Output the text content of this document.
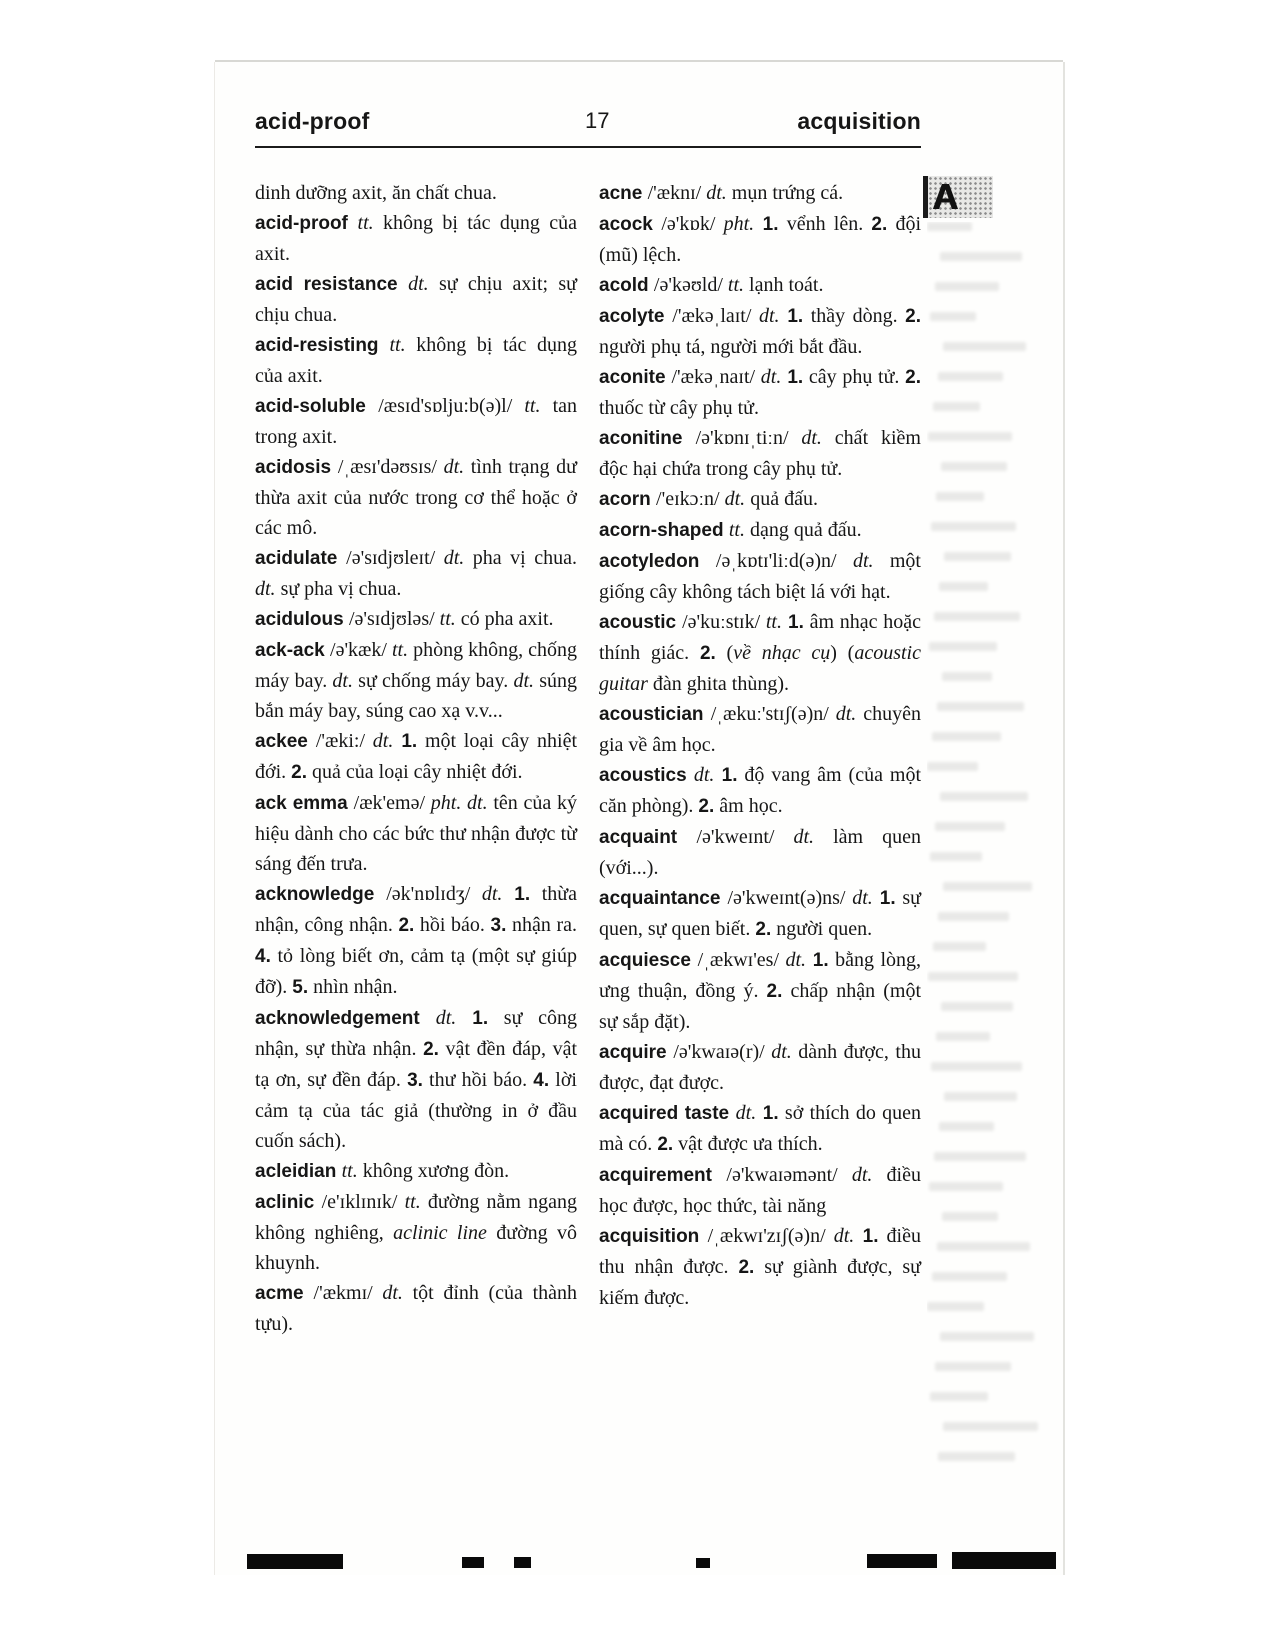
acid-proof	17	acquisition
A

dinh dưỡng axit, ăn chất chua.

acid-proof tt. không bị tác dụng của axit.

acid resistance dt. sự chịu axit; sự chịu chua.

acid-resisting tt. không bị tác dụng của axit.

acid-soluble /æsɪd'sɒlju:b(ə)l/ tt. tan trong axit.

acidosis /ˌæsɪ'dəʊsɪs/ dt. tình trạng dư thừa axit của nước trong cơ thể hoặc ở các mô.

acidulate /ə'sɪdjʊleɪt/ dt. pha vị chua. dt. sự pha vị chua.

acidulous /ə'sɪdjʊləs/ tt. có pha axit.

ack-ack /ə'kæk/ tt. phòng không, chống máy bay. dt. sự chống máy bay. dt. súng bắn máy bay, súng cao xạ v.v...

ackee /'æki:/ dt. 1. một loại cây nhiệt đới. 2. quả của loại cây nhiệt đới.

ack emma /æk'emə/ pht. dt. tên của ký hiệu dành cho các bức thư nhận được từ sáng đến trưa.

acknowledge /ək'nɒlɪdʒ/ dt. 1. thừa nhận, công nhận. 2. hồi báo. 3. nhận ra. 4. tỏ lòng biết ơn, cảm tạ (một sự giúp đỡ). 5. nhìn nhận.

acknowledgement dt. 1. sự công nhận, sự thừa nhận. 2. vật đền đáp, vật tạ ơn, sự đền đáp. 3. thư hồi báo. 4. lời cảm tạ của tác giả (thường in ở đầu cuốn sách).

acleidian tt. không xương đòn.

aclinic /e'ɪklɪnɪk/ tt. đường nằm ngang không nghiêng, aclinic line đường vô khuynh.

acme /'ækmɪ/ dt. tột đỉnh (của thành tựu).

acne /'æknɪ/ dt. mụn trứng cá.

acock /ə'kɒk/ pht. 1. vểnh lên. 2. đội (mũ) lệch.

acold /ə'kəʊld/ tt. lạnh toát.

acolyte /'ækəˌlaɪt/ dt. 1. thầy dòng. 2. người phụ tá, người mới bắt đầu.

aconite /'ækəˌnaɪt/ dt. 1. cây phụ tử. 2. thuốc từ cây phụ tử.

aconitine /ə'kɒnɪˌtiːn/ dt. chất kiềm độc hại chứa trong cây phụ tử.

acorn /'eɪkɔːn/ dt. quả đấu.

acorn-shaped tt. dạng quả đấu.

acotyledon /əˌkɒtɪ'liːd(ə)n/ dt. một giống cây không tách biệt lá với hạt.

acoustic /ə'kuːstɪk/ tt. 1. âm nhạc hoặc thính giác. 2. (về nhạc cụ) (acoustic guitar đàn ghita thùng).

acoustician /ˌækuː'stɪʃ(ə)n/ dt. chuyên gia về âm học.

acoustics dt. 1. độ vang âm (của một căn phòng). 2. âm học.

acquaint /ə'kweɪnt/ dt. làm quen (với...).

acquaintance /ə'kweɪnt(ə)ns/ dt. 1. sự quen, sự quen biết. 2. người quen.

acquiesce /ˌækwɪ'es/ dt. 1. bằng lòng, ưng thuận, đồng ý. 2. chấp nhận (một sự sắp đặt).

acquire /ə'kwaɪə(r)/ dt. dành được, thu được, đạt được.

acquired taste dt. 1. sở thích do quen mà có. 2. vật được ưa thích.

acquirement /ə'kwaɪəmənt/ dt. điều học được, học thức, tài năng

acquisition /ˌækwɪ'zɪʃ(ə)n/ dt. 1. điều thu nhận được. 2. sự giành được, sự kiếm được.
